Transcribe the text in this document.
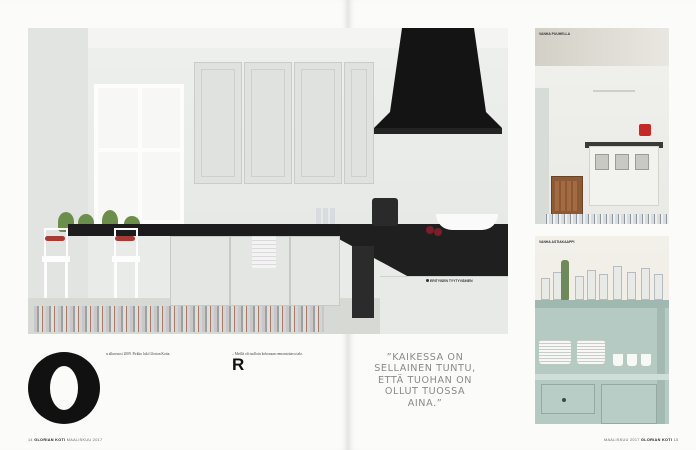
ERITYISEN TYYTYVÄINEN
VANHA PUUHELLA
VANHA ASTIAKAAPPI
n alkuvuosi 2009. Pirkko luki Glorian Kotia.	– Meillä oli tuolloin kokonaan remontoitava talo.

R	”KAIKESSA ON SELLAINEN TUNTU, ETTÄ TUOHAN ON OLLUT TUOSSA AINA.”
14 GLORIAN KOTI MAALISKUU 2017	MAALISKUU 2017 GLORIAN KOTI 15
